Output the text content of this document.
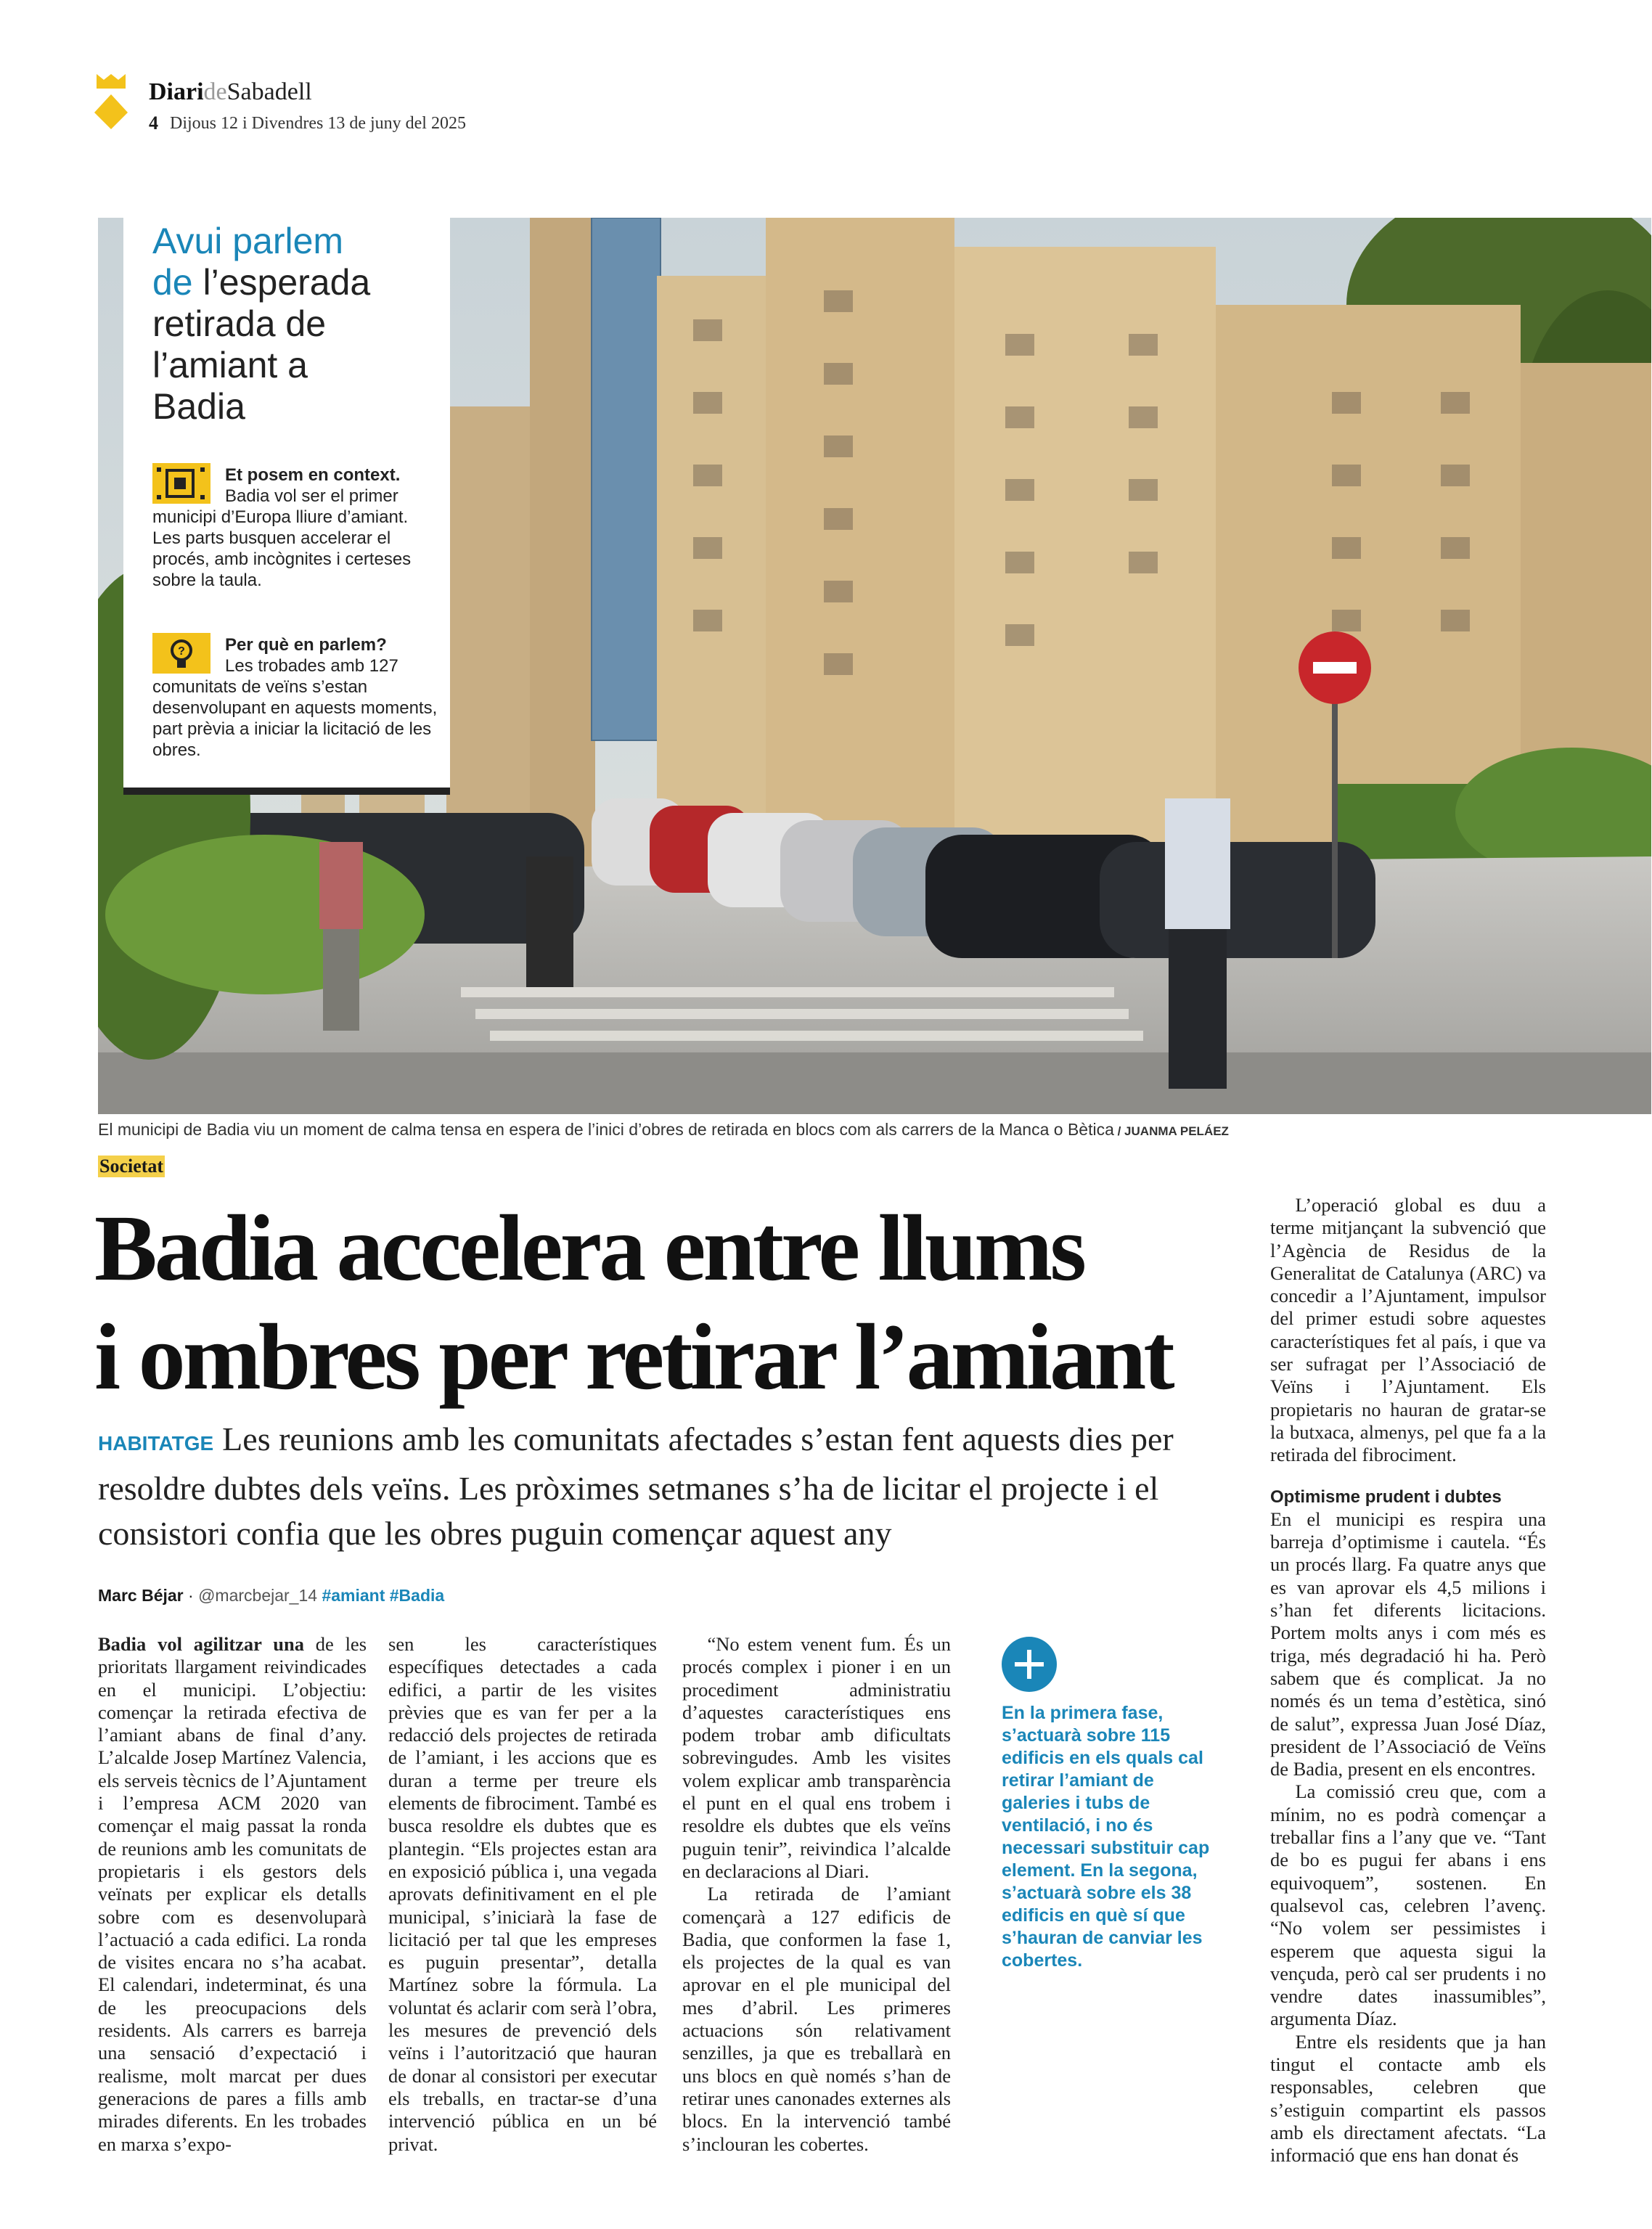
DiarideSabadell
4 Dijous 12 i Divendres 13 de juny del 2025
Avui parlem
de l’esperada
retirada de
l’amiant a
Badia
Et posem en context.
Badia vol ser el primer municipi d’Europa lliure d’amiant. Les parts busquen accelerar el procés, amb incògnites i certeses sobre la taula.
?	Per què en parlem?
Les trobades amb 127 comunitats de veïns s’estan desenvolupant en aquests moments, part prèvia a iniciar la licitació de les obres.
El municipi de Badia viu un moment de calma tensa en espera de l’inici d’obres de retirada en blocs com als carrers de la Manca o Bètica / JUANMA PELÁEZ
Societat
Badia accelera entre llums
i ombres per retirar l’amiant
HABITATGE Les reunions amb les comunitats afectades s’estan fent aquests dies per resoldre dubtes dels veïns. Les pròximes setmanes s’ha de licitar el projecte i el consistori confia que les obres puguin començar aquest any
Marc Béjar · @marcbejar_14 #amiant #Badia

Badia vol agilitzar una de les prioritats llargament reivindicades en el municipi. L’objectiu: començar la retirada efectiva de l’amiant abans de final d’any. L’alcalde Josep Martínez Valencia, els serveis tècnics de l’Ajuntament i l’empresa ACM 2020 van començar el maig passat la ronda de reunions amb les comunitats de propietaris i els gestors dels veïnats per explicar els detalls sobre com es desenvoluparà l’actuació a cada edifici. La ronda de visites encara no s’ha acabat. El calendari, indeterminat, és una de les preocupacions dels residents. Als carrers es barreja una sensació d’expectació i realisme, molt marcat per dues generacions de pares a fills amb mirades diferents. En les trobades en marxa s’expo-

sen les característiques específiques detectades a cada edifici, a partir de les visites prèvies que es van fer per a la redacció dels projectes de retirada de l’amiant, i les accions que es duran a terme per treure els elements de fibrociment. També es busca resoldre els dubtes que es plantegin. “Els projectes estan ara en exposició pública i, una vegada aprovats definitivament en el ple municipal, s’iniciarà la fase de licitació per tal que les empreses es puguin presentar”, detalla Martínez sobre la fórmula. La voluntat és aclarir com serà l’obra, les mesures de prevenció dels veïns i l’autorització que hauran de donar al consistori per executar els treballs, en tractar-se d’una intervenció pública en un bé privat.

“No estem venent fum. És un procés complex i pioner i en un procediment administratiu d’aquestes característiques ens podem trobar amb dificultats sobrevingudes. Amb les visites volem explicar amb transparència el punt en el qual ens trobem i resoldre els dubtes que els veïns puguin tenir”, reivindica l’alcalde en declaracions al Diari.

La retirada de l’amiant començarà a 127 edificis de Badia, que conformen la fase 1, els projectes de la qual es van aprovar en el ple municipal del mes d’abril. Les primeres actuacions són relativament senzilles, ja que es treballarà en uns blocs en què només s’han de retirar unes canonades externes als blocs. En la intervenció també s’inclouran les cobertes.

En la primera fase, s’actuarà sobre 115 edificis en els quals cal retirar l’amiant de galeries i tubs de ventilació, i no és necessari substituir cap element. En la segona, s’actuarà sobre els 38 edificis en què sí que s’hauran de canviar les cobertes.

L’operació global es duu a terme mitjançant la subvenció que l’Agència de Residus de la Generalitat de Catalunya (ARC) va concedir a l’Ajuntament, impulsor del primer estudi sobre aquestes característiques fet al país, i que va ser sufragat per l’Associació de Veïns i l’Ajuntament. Els propietaris no hauran de gratar-se la butxaca, almenys, pel que fa a la retirada del fibrociment.

Optimisme prudent i dubtes

En el municipi es respira una barreja d’optimisme i cautela. “És un procés llarg. Fa quatre anys que es van aprovar els 4,5 milions i s’han fet diferents licitacions. Portem molts anys i com més es triga, més degradació hi ha. Però sabem que és complicat. Ja no només és un tema d’estètica, sinó de salut”, expressa Juan José Díaz, president de l’Associació de Veïns de Badia, present en els encontres.

La comissió creu que, com a mínim, no es podrà començar a treballar fins a l’any que ve. “Tant de bo es pugui fer abans i ens equivoquem”, sostenen. En qualsevol cas, celebren l’avenç. “No volem ser pessimistes i esperem que aquesta sigui la vençuda, però cal ser prudents i no vendre dates inassumibles”, argumenta Díaz.

Entre els residents que ja han tingut el contacte amb els responsables, celebren que s’estiguin compartint els passos amb els directament afectats. “La informació que ens han donat és
